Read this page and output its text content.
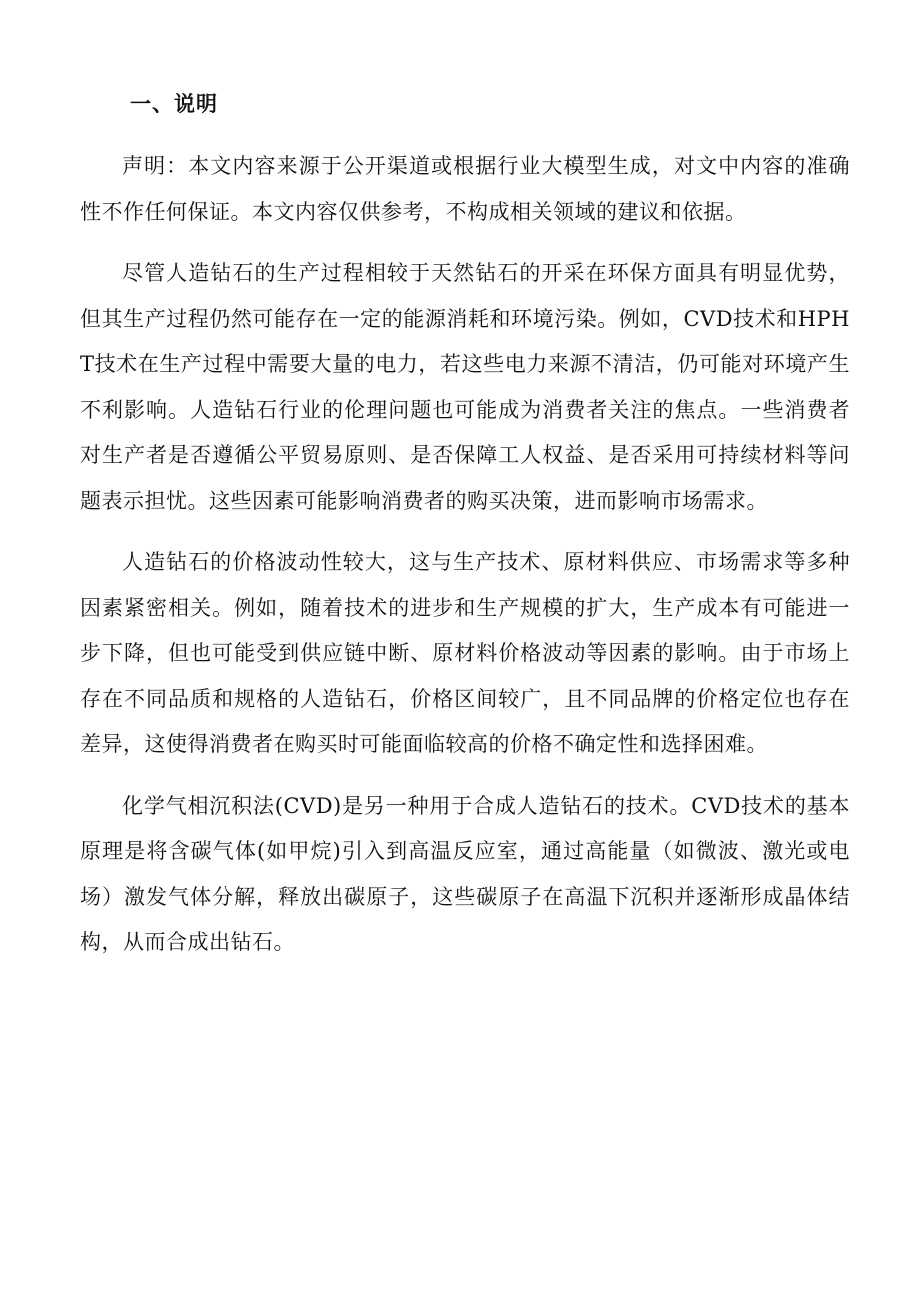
一、说明

声明：本文内容来源于公开渠道或根据行业大模型生成，对文中内容的准确性不作任何保证。本文内容仅供参考，不构成相关领域的建议和依据。

尽管人造钻石的生产过程相较于天然钻石的开采在环保方面具有明显优势，但其生产过程仍然可能存在一定的能源消耗和环境污染。例如，CVD技术和HPHT技术在生产过程中需要大量的电力，若这些电力来源不清洁，仍可能对环境产生不利影响。人造钻石行业的伦理问题也可能成为消费者关注的焦点。一些消费者对生产者是否遵循公平贸易原则、是否保障工人权益、是否采用可持续材料等问题表示担忧。这些因素可能影响消费者的购买决策，进而影响市场需求。

人造钻石的价格波动性较大，这与生产技术、原材料供应、市场需求等多种因素紧密相关。例如，随着技术的进步和生产规模的扩大，生产成本有可能进一步下降，但也可能受到供应链中断、原材料价格波动等因素的影响。由于市场上存在不同品质和规格的人造钻石，价格区间较广，且不同品牌的价格定位也存在差异，这使得消费者在购买时可能面临较高的价格不确定性和选择困难。

化学气相沉积法(CVD)是另一种用于合成人造钻石的技术。CVD技术的基本原理是将含碳气体(如甲烷)引入到高温反应室，通过高能量（如微波、激光或电场）激发气体分解，释放出碳原子，这些碳原子在高温下沉积并逐渐形成晶体结构，从而合成出钻石。
